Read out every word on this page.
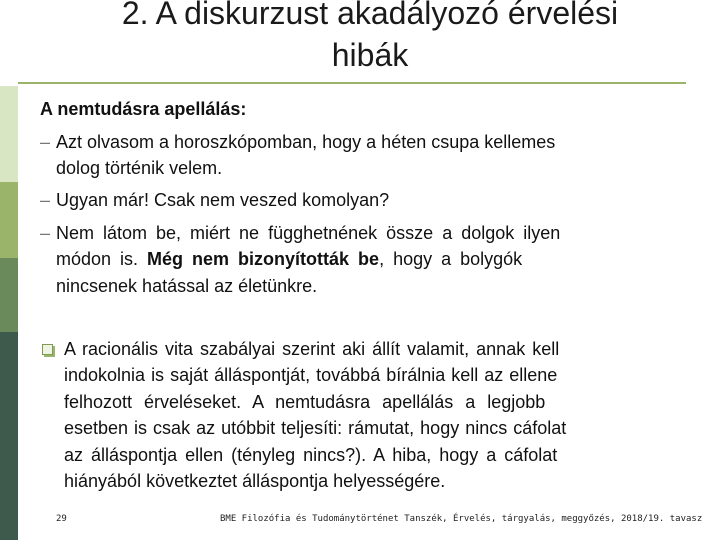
2. A diskurzust akadályozó érvelési
hibák
A nemtudásra apellálás:
– Azt olvasom a horoszkópomban, hogy a héten csupa kellemes
dolog történik velem.
– Ugyan már! Csak nem veszed komolyan?
– Nem látom be, miért ne függhetnének össze a dolgok ilyen
módon is. Még nem bizonyították be, hogy a bolygók
nincsenek hatással az életünkre.
A racionális vita szabályai szerint aki állít valamit, annak kell
indokolnia is saját álláspontját, továbbá bírálnia kell az ellene
felhozott érveléseket. A nemtudásra apellálás a legjobb
esetben is csak az utóbbit teljesíti: rámutat, hogy nincs cáfolat
az álláspontja ellen (tényleg nincs?). A hiba, hogy a cáfolat
hiányából következtet álláspontja helyességére.
29	BME Filozófia és Tudománytörténet Tanszék, Érvelés, tárgyalás, meggyőzés, 2018/19. tavasz
